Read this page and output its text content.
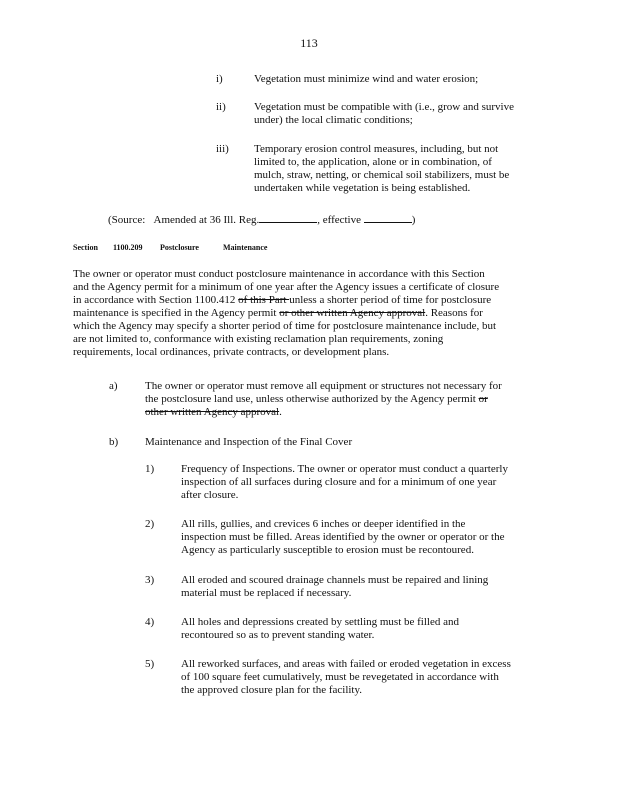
113
i)	Vegetation must minimize wind and water erosion;
ii)	Vegetation must be compatible with (i.e., grow and survive
under) the local climatic conditions;
iii) Temporary erosion control measures, including, but not
limited to, the application, alone or in combination, of
mulch, straw, netting, or chemical soil stabilizers, must be
undertaken while vegetation is being established.
(Source: Amended at 36 Ill. Reg.	, effective	)
Section 1100.209 Postclosure	Maintenance
The owner or operator must conduct postclosure maintenance in accordance with this Section
and the Agency permit for a minimum of one year after the Agency issues a certificate of closure
in accordance with Section 1100.412 of this Part unless a shorter period of time for postclosure
maintenance is specified in the Agency permit or other written Agency approval. Reasons for
which the Agency may specify a shorter period of time for postclosure maintenance include, but
are not limited to, conformance with existing reclamation plan requirements, zoning
requirements, local ordinances, private contracts, or development plans.
a) The owner or operator must remove all equipment or structures not necessary for
the postclosure land use, unless otherwise authorized by the Agency permit or
other written Agency approval.
b) Maintenance and Inspection of the Final Cover
1) Frequency of Inspections. The owner or operator must conduct a quarterly
inspection of all surfaces during closure and for a minimum of one year
after closure.
2) All rills, gullies, and crevices 6 inches or deeper identified in the
inspection must be filled. Areas identified by the owner or operator or the
Agency as particularly susceptible to erosion must be recontoured.
3) All eroded and scoured drainage channels must be repaired and lining
material must be replaced if necessary.
4) All holes and depressions created by settling must be filled and
recontoured so as to prevent standing water.
5) All reworked surfaces, and areas with failed or eroded vegetation in excess
of 100 square feet cumulatively, must be revegetated in accordance with
the approved closure plan for the facility.
